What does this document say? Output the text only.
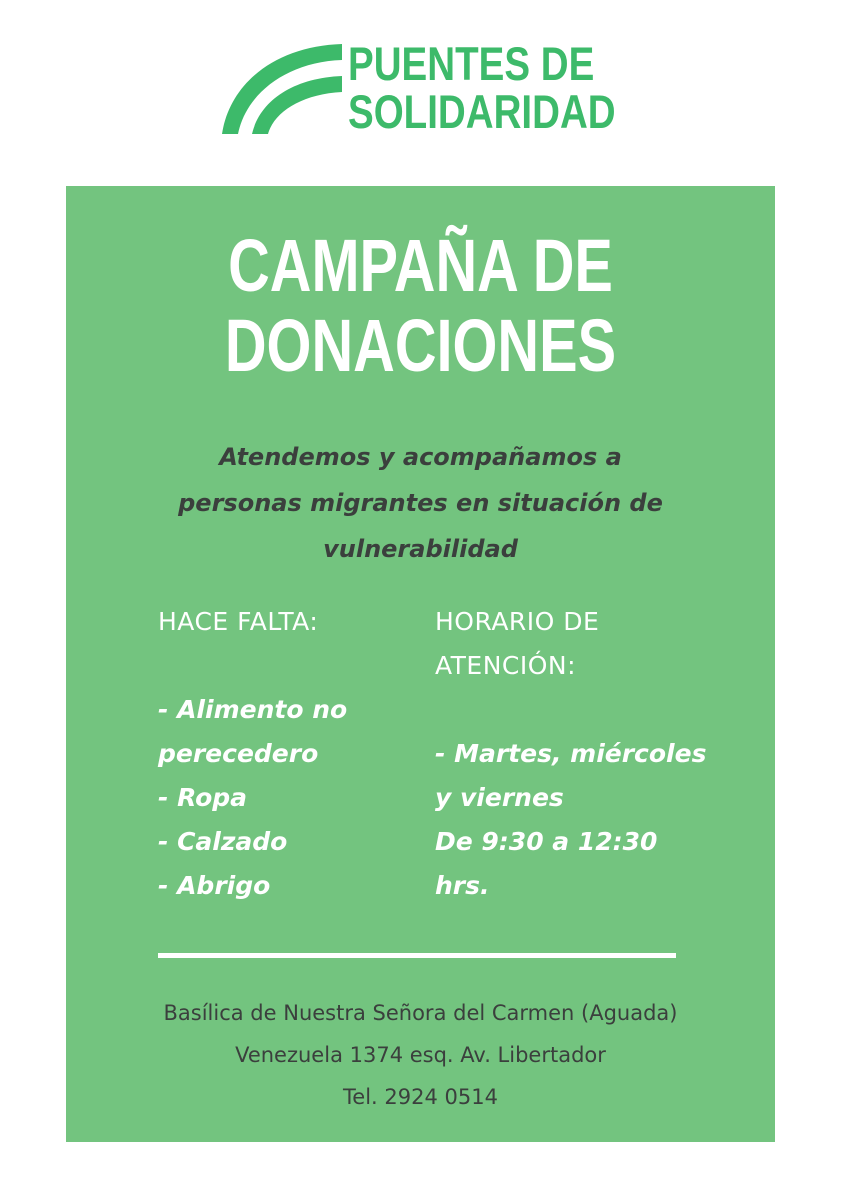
PUENTES DE
SOLIDARIDAD
CAMPAÑA DE
DONACIONES
Atendemos y acompañamos a
personas migrantes en situación de
vulnerabilidad
HACE FALTA:
- Alimento no
perecedero
- Ropa
- Calzado
- Abrigo
HORARIO DE
ATENCIÓN:
- Martes, miércoles
y viernes
De 9:30 a 12:30
hrs.
Basílica de Nuestra Señora del Carmen (Aguada)
Venezuela 1374 esq. Av. Libertador
Tel. 2924 0514
